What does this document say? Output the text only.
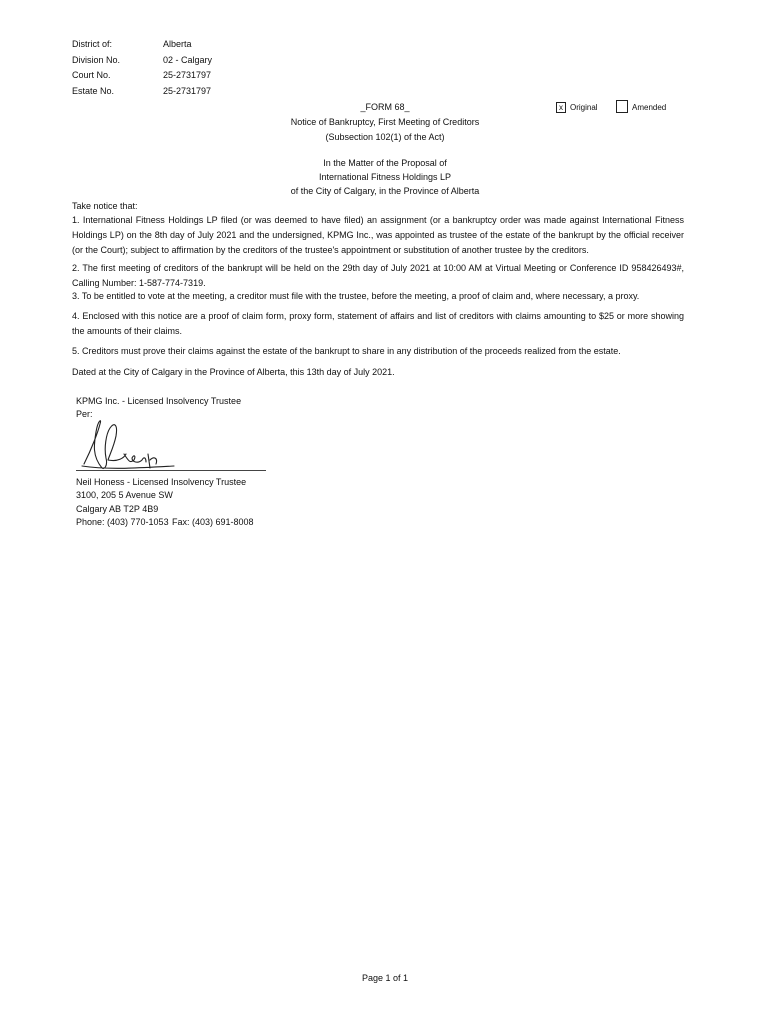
District of:	Alberta
Division No.	02 - Calgary
Court No.	25-2731797
Estate No.	25-2731797
_FORM 68_
Notice of Bankruptcy, First Meeting of Creditors
(Subsection 102(1) of the Act)
x Original	Amended
In the Matter of the Proposal of
International Fitness Holdings LP
of the City of Calgary, in the Province of Alberta
Take notice that:
1. International Fitness Holdings LP filed (or was deemed to have filed) an assignment (or a bankruptcy order was made against International Fitness Holdings LP) on the 8th day of July 2021 and the undersigned, KPMG Inc., was appointed as trustee of the estate of the bankrupt by the official receiver (or the Court); subject to affirmation by the creditors of the trustee's appointment or substitution of another trustee by the creditors.
2. The first meeting of creditors of the bankrupt will be held on the 29th day of July 2021 at 10:00 AM at Virtual Meeting or Conference ID 958426493#, Calling Number: 1-587-774-7319.
3. To be entitled to vote at the meeting, a creditor must file with the trustee, before the meeting, a proof of claim and, where necessary, a proxy.
4. Enclosed with this notice are a proof of claim form, proxy form, statement of affairs and list of creditors with claims amounting to $25 or more showing the amounts of their claims.
5. Creditors must prove their claims against the estate of the bankrupt to share in any distribution of the proceeds realized from the estate.
Dated at the City of Calgary in the Province of Alberta, this 13th day of July 2021.
KPMG Inc. - Licensed Insolvency Trustee
Per:
Neil Honess - Licensed Insolvency Trustee
3100, 205 5 Avenue SW
Calgary AB T2P 4B9
Phone: (403) 770-1053 Fax: (403) 691-8008
Page 1 of 1
